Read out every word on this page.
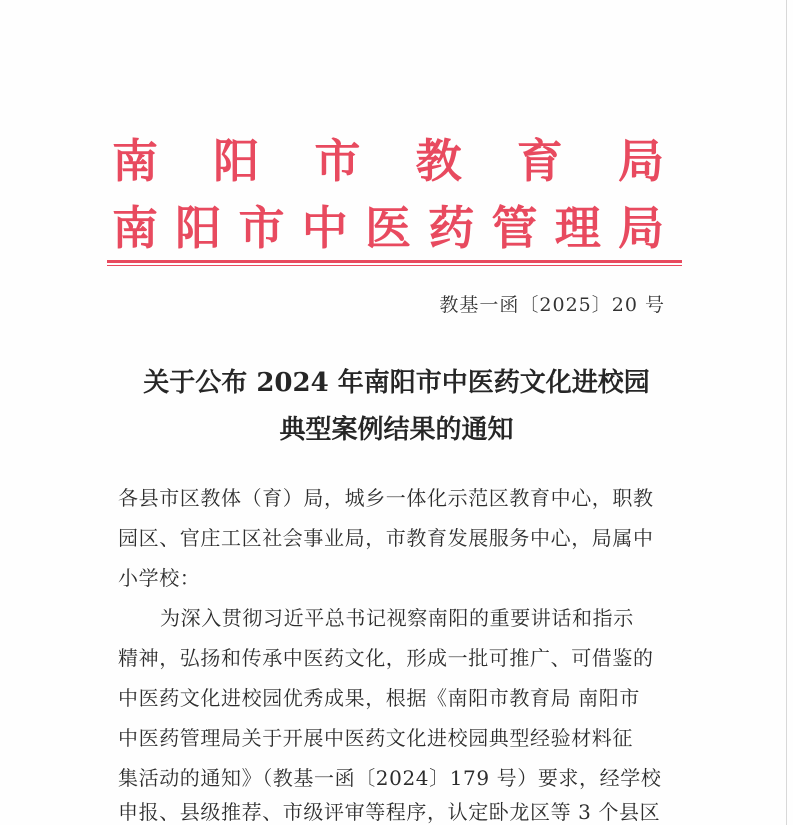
南 阳 市 教 育 局
南 阳 市 中 医 药 管 理 局
教基一函〔2025〕20 号
关于公布 2024 年南阳市中医药文化进校园
典型案例结果的通知
各县市区教体（育）局，城乡一体化示范区教育中心，职教
园区、官庄工区社会事业局，市教育发展服务中心，局属中
小学校：
为深入贯彻习近平总书记视察南阳的重要讲话和指示
精神，弘扬和传承中医药文化，形成一批可推广、可借鉴的
中医药文化进校园优秀成果，根据《南阳市教育局 南阳市
中医药管理局关于开展中医药文化进校园典型经验材料征
集活动的通知》（教基一函〔2024〕179 号）要求，经学校
申报、县级推荐、市级评审等程序，认定卧龙区等 3 个县区
